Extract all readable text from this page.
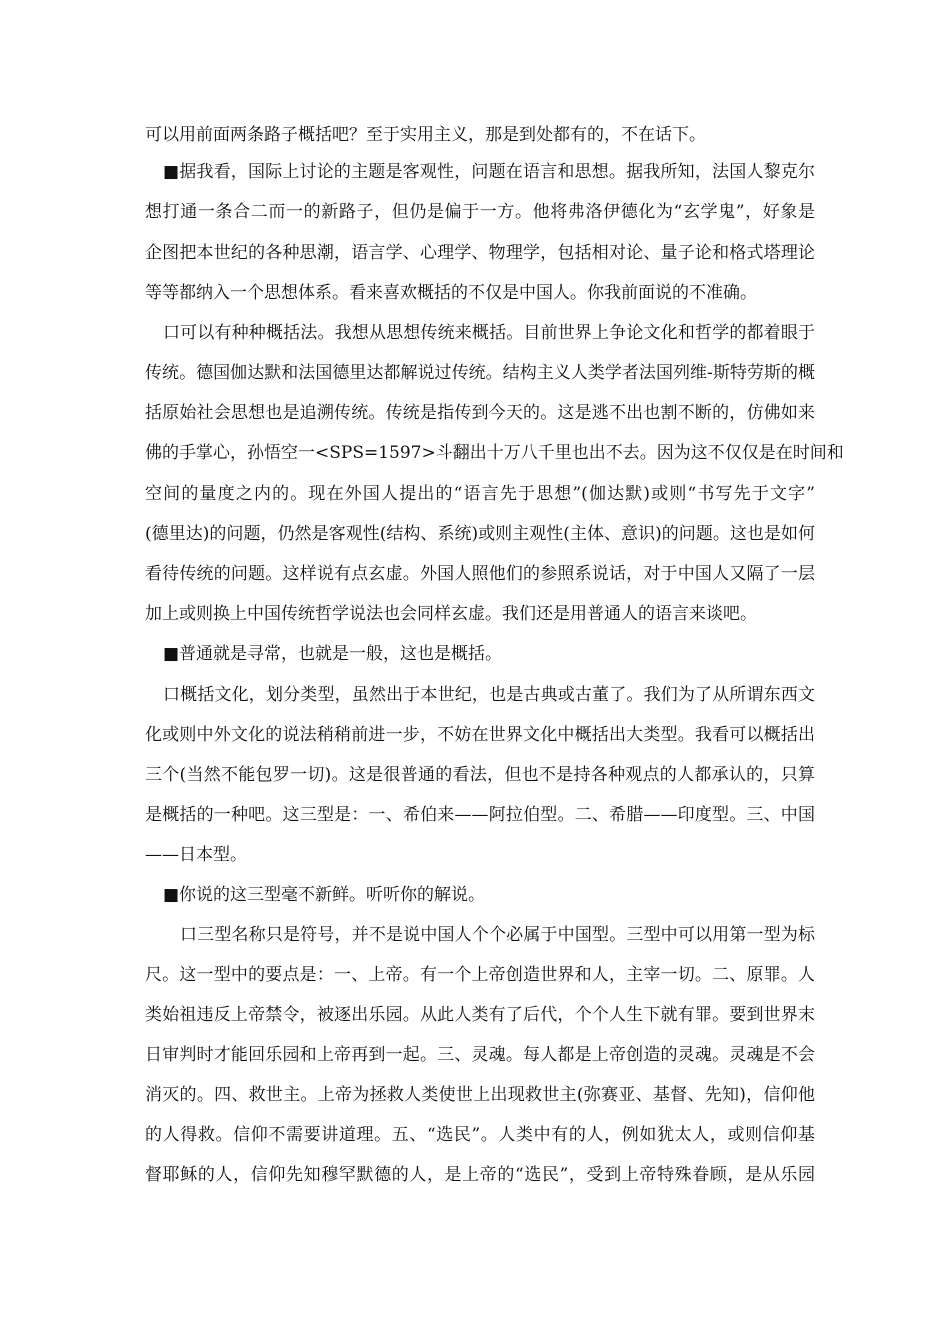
可以用前面两条路子概括吧？至于实用主义，那是到处都有的，不在话下。
■据我看，国际上讨论的主题是客观性，问题在语言和思想。据我所知，法国人黎克尔
想打通一条合二而一的新路子，但仍是偏于一方。他将弗洛伊德化为“玄学鬼”，好象是
企图把本世纪的各种思潮，语言学、心理学、物理学，包括相对论、量子论和格式塔理论
等等都纳入一个思想体系。看来喜欢概括的不仅是中国人。你我前面说的不准确。
口可以有种种概括法。我想从思想传统来概括。目前世界上争论文化和哲学的都着眼于
传统。德国伽达默和法国德里达都解说过传统。结构主义人类学者法国列维-斯特劳斯的概
括原始社会思想也是追溯传统。传统是指传到今天的。这是逃不出也割不断的，仿佛如来
佛的手掌心，孙悟空一<SPS=1597>斗翻出十万八千里也出不去。因为这不仅仅是在时间和
空间的量度之内的。现在外国人提出的“语言先于思想”(伽达默)或则“书写先于文字”
(德里达)的问题，仍然是客观性(结构、系统)或则主观性(主体、意识)的问题。这也是如何
看待传统的问题。这样说有点玄虚。外国人照他们的参照系说话，对于中国人又隔了一层
加上或则换上中国传统哲学说法也会同样玄虚。我们还是用普通人的语言来谈吧。
■普通就是寻常，也就是一般，这也是概括。
口概括文化，划分类型，虽然出于本世纪，也是古典或古董了。我们为了从所谓东西文
化或则中外文化的说法稍稍前进一步，不妨在世界文化中概括出大类型。我看可以概括出
三个(当然不能包罗一切)。这是很普通的看法，但也不是持各种观点的人都承认的，只算
是概括的一种吧。这三型是：一、希伯来——阿拉伯型。二、希腊——印度型。三、中国
——日本型。
■你说的这三型毫不新鲜。听听你的解说。
口三型名称只是符号，并不是说中国人个个必属于中国型。三型中可以用第一型为标
尺。这一型中的要点是：一、上帝。有一个上帝创造世界和人，主宰一切。二、原罪。人
类始祖违反上帝禁令，被逐出乐园。从此人类有了后代，个个人生下就有罪。要到世界末
日审判时才能回乐园和上帝再到一起。三、灵魂。每人都是上帝创造的灵魂。灵魂是不会
消灭的。四、救世主。上帝为拯救人类使世上出现救世主(弥赛亚、基督、先知)，信仰他
的人得救。信仰不需要讲道理。五、“选民”。人类中有的人，例如犹太人，或则信仰基
督耶稣的人，信仰先知穆罕默德的人，是上帝的“选民”，受到上帝特殊眷顾，是从乐园
